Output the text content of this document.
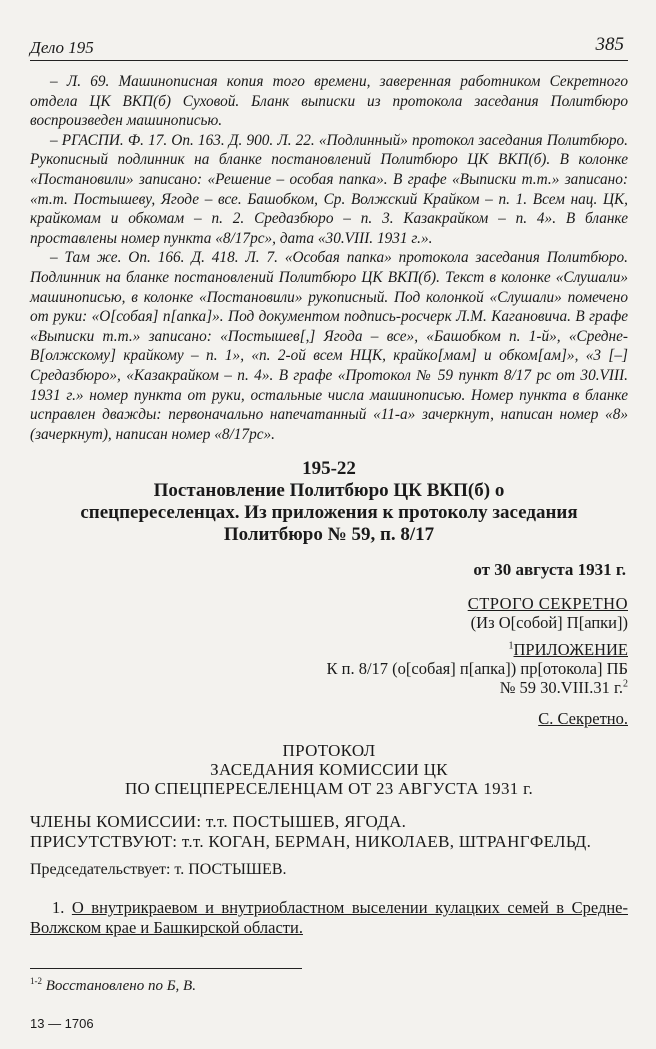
Дело 195	385

– Л. 69. Машинописная копия того времени, заверенная работником Секретного отдела ЦК ВКП(б) Суховой. Бланк выписки из протокола заседания Политбюро воспроизведен машинописью.

– РГАСПИ. Ф. 17. Оп. 163. Д. 900. Л. 22. «Подлинный» протокол заседания Политбюро. Рукописный подлинник на бланке постановлений Политбюро ЦК ВКП(б). В колонке «Постановили» записано: «Решение – особая папка». В графе «Выписки т.т.» записано: «т.т. Постышеву, Ягоде – все. Башобком, Ср. Волжский Крайком – п. 1. Всем нац. ЦК, крайкомам и обкомам – п. 2. Средазбюро – п. 3. Казакрайком – п. 4». В бланке проставлены номер пункта «8/17рс», дата «30.VIII. 1931 г.».

– Там же. Оп. 166. Д. 418. Л. 7. «Особая папка» протокола заседания Политбюро. Подлинник на бланке постановлений Политбюро ЦК ВКП(б). Текст в колонке «Слушали» машинописью, в колонке «Постановили» рукописный. Под колонкой «Слушали» помечено от руки: «О[собая] п[апка]». Под документом подпись-росчерк Л.М. Кагановича. В графе «Выписки т.т.» записано: «Постышев[,] Ягода – все», «Башобком п. 1-й», «Средне-В[олжскому] крайкому – п. 1», «п. 2-ой всем НЦК, крайко[мам] и обком[ам]», «3 [–] Средазбюро», «Казакрайком – п. 4». В графе «Протокол № 59 пункт 8/17 рс от 30.VIII. 1931 г.» номер пункта от руки, остальные числа машинописью. Номер пункта в бланке исправлен дважды: первоначально напечатанный «11-а» зачеркнут, написан номер «8» (зачеркнут), написан номер «8/17рс».

195-22
Постановление Политбюро ЦК ВКП(б) о спецпереселенцах. Из приложения к протоколу заседания Политбюро № 59, п. 8/17
от 30 августа 1931 г.
СТРОГО СЕКРЕТНО
(Из О[собой] П[апки])
$^1$ПРИЛОЖЕНИЕ
К п. 8/17 (о[собая] п[апка]) пр[отокола] ПБ
№ 59 30.VIII.31 г.$^2$
С. Секретно.
ПРОТОКОЛ
ЗАСЕДАНИЯ КОМИССИИ ЦК
ПО СПЕЦПЕРЕСЕЛЕНЦАМ ОТ 23 АВГУСТА 1931 г.
ЧЛЕНЫ КОМИССИИ: т.т. ПОСТЫШЕВ, ЯГОДА.
ПРИСУТСТВУЮТ: т.т. КОГАН, БЕРМАН, НИКОЛАЕВ, ШТРАНГФЕЛЬД.
Председательствует: т. ПОСТЫШЕВ.
1. О внутрикраевом и внутриобластном выселении кулацких семей в Средне-Волжском крае и Башкирской области.
$^{1-2}$ Восстановлено по Б, В.
13 — 1706
